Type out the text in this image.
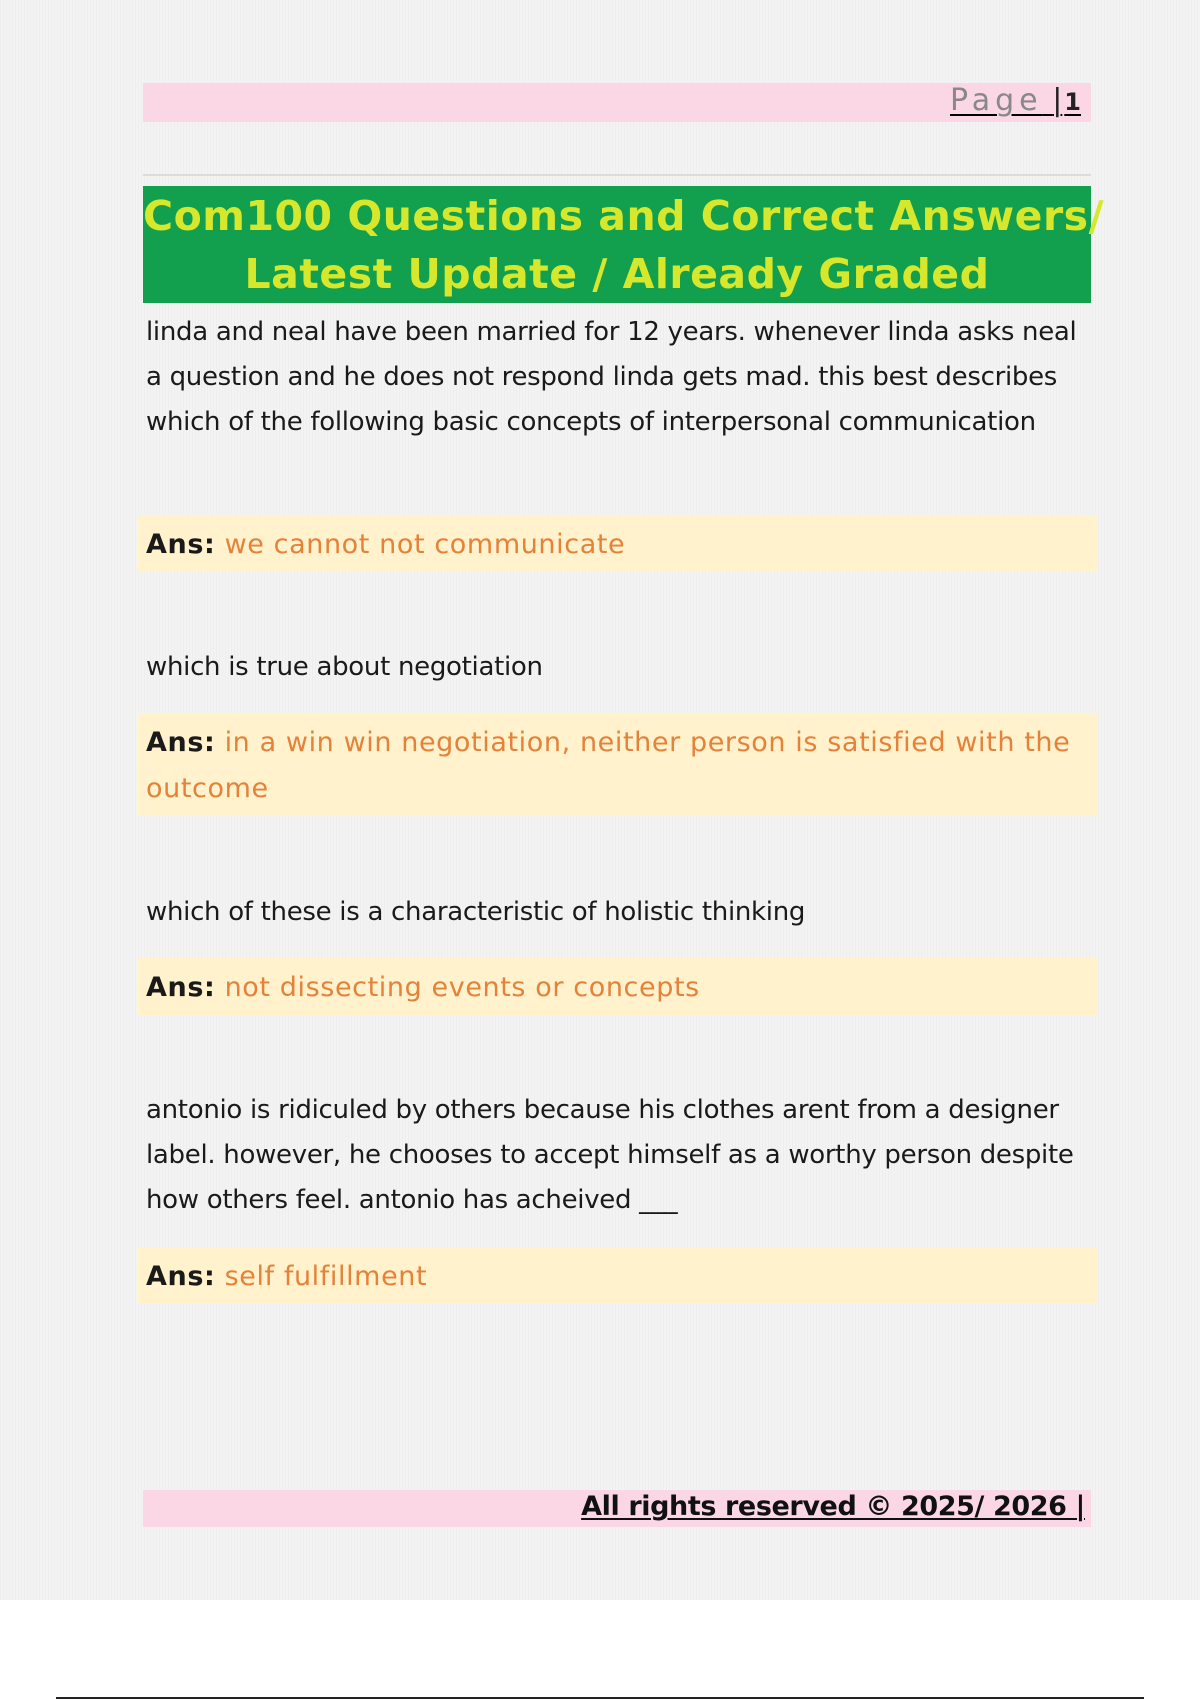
Page |1
Com100 Questions and Correct Answers/
Latest Update / Already Graded
linda and neal have been married for 12 years. whenever linda asks neal a question and he does not respond linda gets mad. this best describes which of the following basic concepts of interpersonal communication
Ans: we cannot not communicate
which is true about negotiation
Ans: in a win win negotiation, neither person is satisfied with the outcome
which of these is a characteristic of holistic thinking
Ans: not dissecting events or concepts
antonio is ridiculed by others because his clothes arent from a designer label. however, he chooses to accept himself as a worthy person despite how others feel. antonio has acheived ___
Ans: self fulfillment
All rights reserved © 2025/ 2026 |
